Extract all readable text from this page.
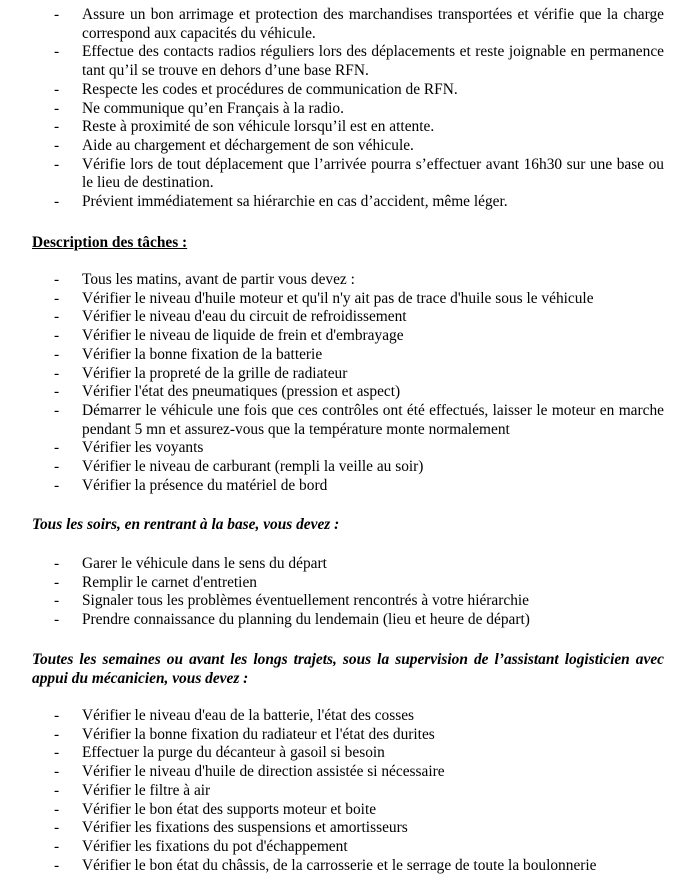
- Assure un bon arrimage et protection des marchandises transportées et vérifie que la charge correspond aux capacités du véhicule.
- Effectue des contacts radios réguliers lors des déplacements et reste joignable en permanence tant qu’il se trouve en dehors d’une base RFN.
- Respecte les codes et procédures de communication de RFN.
- Ne communique qu’en Français à la radio.
- Reste à proximité de son véhicule lorsqu’il est en attente.
- Aide au chargement et déchargement de son véhicule.
- Vérifie lors de tout déplacement que l’arrivée pourra s’effectuer avant 16h30 sur une base ou le lieu de destination.
- Prévient immédiatement sa hiérarchie en cas d’accident, même léger.
Description des tâches :
- Tous les matins, avant de partir vous devez :
- Vérifier le niveau d'huile moteur et qu'il n'y ait pas de trace d'huile sous le véhicule
- Vérifier le niveau d'eau du circuit de refroidissement
- Vérifier le niveau de liquide de frein et d'embrayage
- Vérifier la bonne fixation de la batterie
- Vérifier la propreté de la grille de radiateur
- Vérifier l'état des pneumatiques (pression et aspect)
- Démarrer le véhicule une fois que ces contrôles ont été effectués, laisser le moteur en marche pendant 5 mn et assurez-vous que la température monte normalement
- Vérifier les voyants
- Vérifier le niveau de carburant (rempli la veille au soir)
- Vérifier la présence du matériel de bord
Tous les soirs, en rentrant à la base, vous devez :
- Garer le véhicule dans le sens du départ
- Remplir le carnet d'entretien
- Signaler tous les problèmes éventuellement rencontrés à votre hiérarchie
- Prendre connaissance du planning du lendemain (lieu et heure de départ)
Toutes les semaines ou avant les longs trajets, sous la supervision de l’assistant logisticien avec appui du mécanicien, vous devez :
- Vérifier le niveau d'eau de la batterie, l'état des cosses
- Vérifier la bonne fixation du radiateur et l'état des durites
- Effectuer la purge du décanteur à gasoil si besoin
- Vérifier le niveau d'huile de direction assistée si nécessaire
- Vérifier le filtre à air
- Vérifier le bon état des supports moteur et boite
- Vérifier les fixations des suspensions et amortisseurs
- Vérifier les fixations du pot d'échappement
- Vérifier le bon état du châssis, de la carrosserie et le serrage de toute la boulonnerie
